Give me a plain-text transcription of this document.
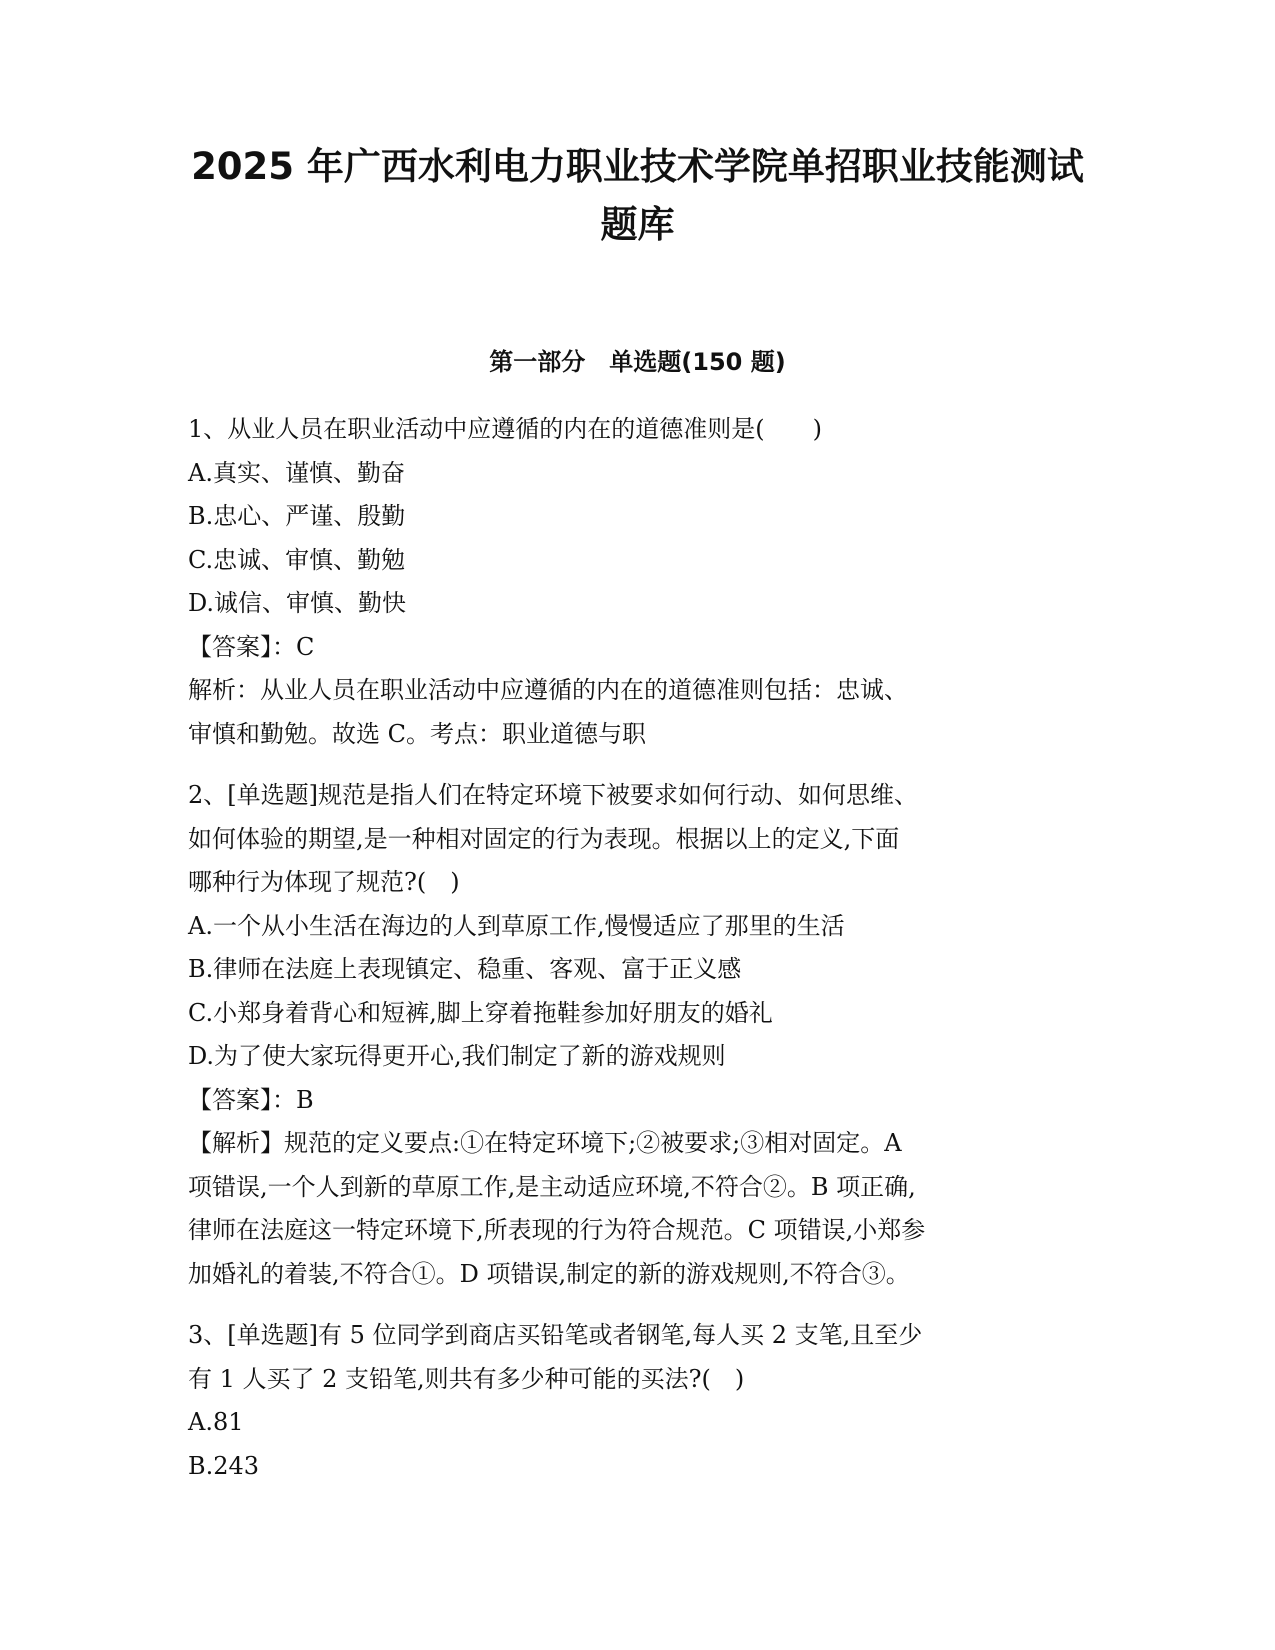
2025 年广西水利电力职业技术学院单招职业技能测试
题库
第一部分　单选题(150 题)
1、从业人员在职业活动中应遵循的内在的道德准则是(　　)
A.真实、谨慎、勤奋
B.忠心、严谨、殷勤
C.忠诚、审慎、勤勉
D.诚信、审慎、勤快
【答案】：C
解析：从业人员在职业活动中应遵循的内在的道德准则包括：忠诚、
审慎和勤勉。故选 C。考点：职业道德与职
2、[单选题]规范是指人们在特定环境下被要求如何行动、如何思维、
如何体验的期望,是一种相对固定的行为表现。根据以上的定义,下面
哪种行为体现了规范?(　)
A.一个从小生活在海边的人到草原工作,慢慢适应了那里的生活
B.律师在法庭上表现镇定、稳重、客观、富于正义感
C.小郑身着背心和短裤,脚上穿着拖鞋参加好朋友的婚礼
D.为了使大家玩得更开心,我们制定了新的游戏规则
【答案】：B
【解析】规范的定义要点:①在特定环境下;②被要求;③相对固定。A
项错误,一个人到新的草原工作,是主动适应环境,不符合②。B 项正确,
律师在法庭这一特定环境下,所表现的行为符合规范。C 项错误,小郑参
加婚礼的着装,不符合①。D 项错误,制定的新的游戏规则,不符合③。
3、[单选题]有 5 位同学到商店买铅笔或者钢笔,每人买 2 支笔,且至少
有 1 人买了 2 支铅笔,则共有多少种可能的买法?(　)
A.81
B.243
